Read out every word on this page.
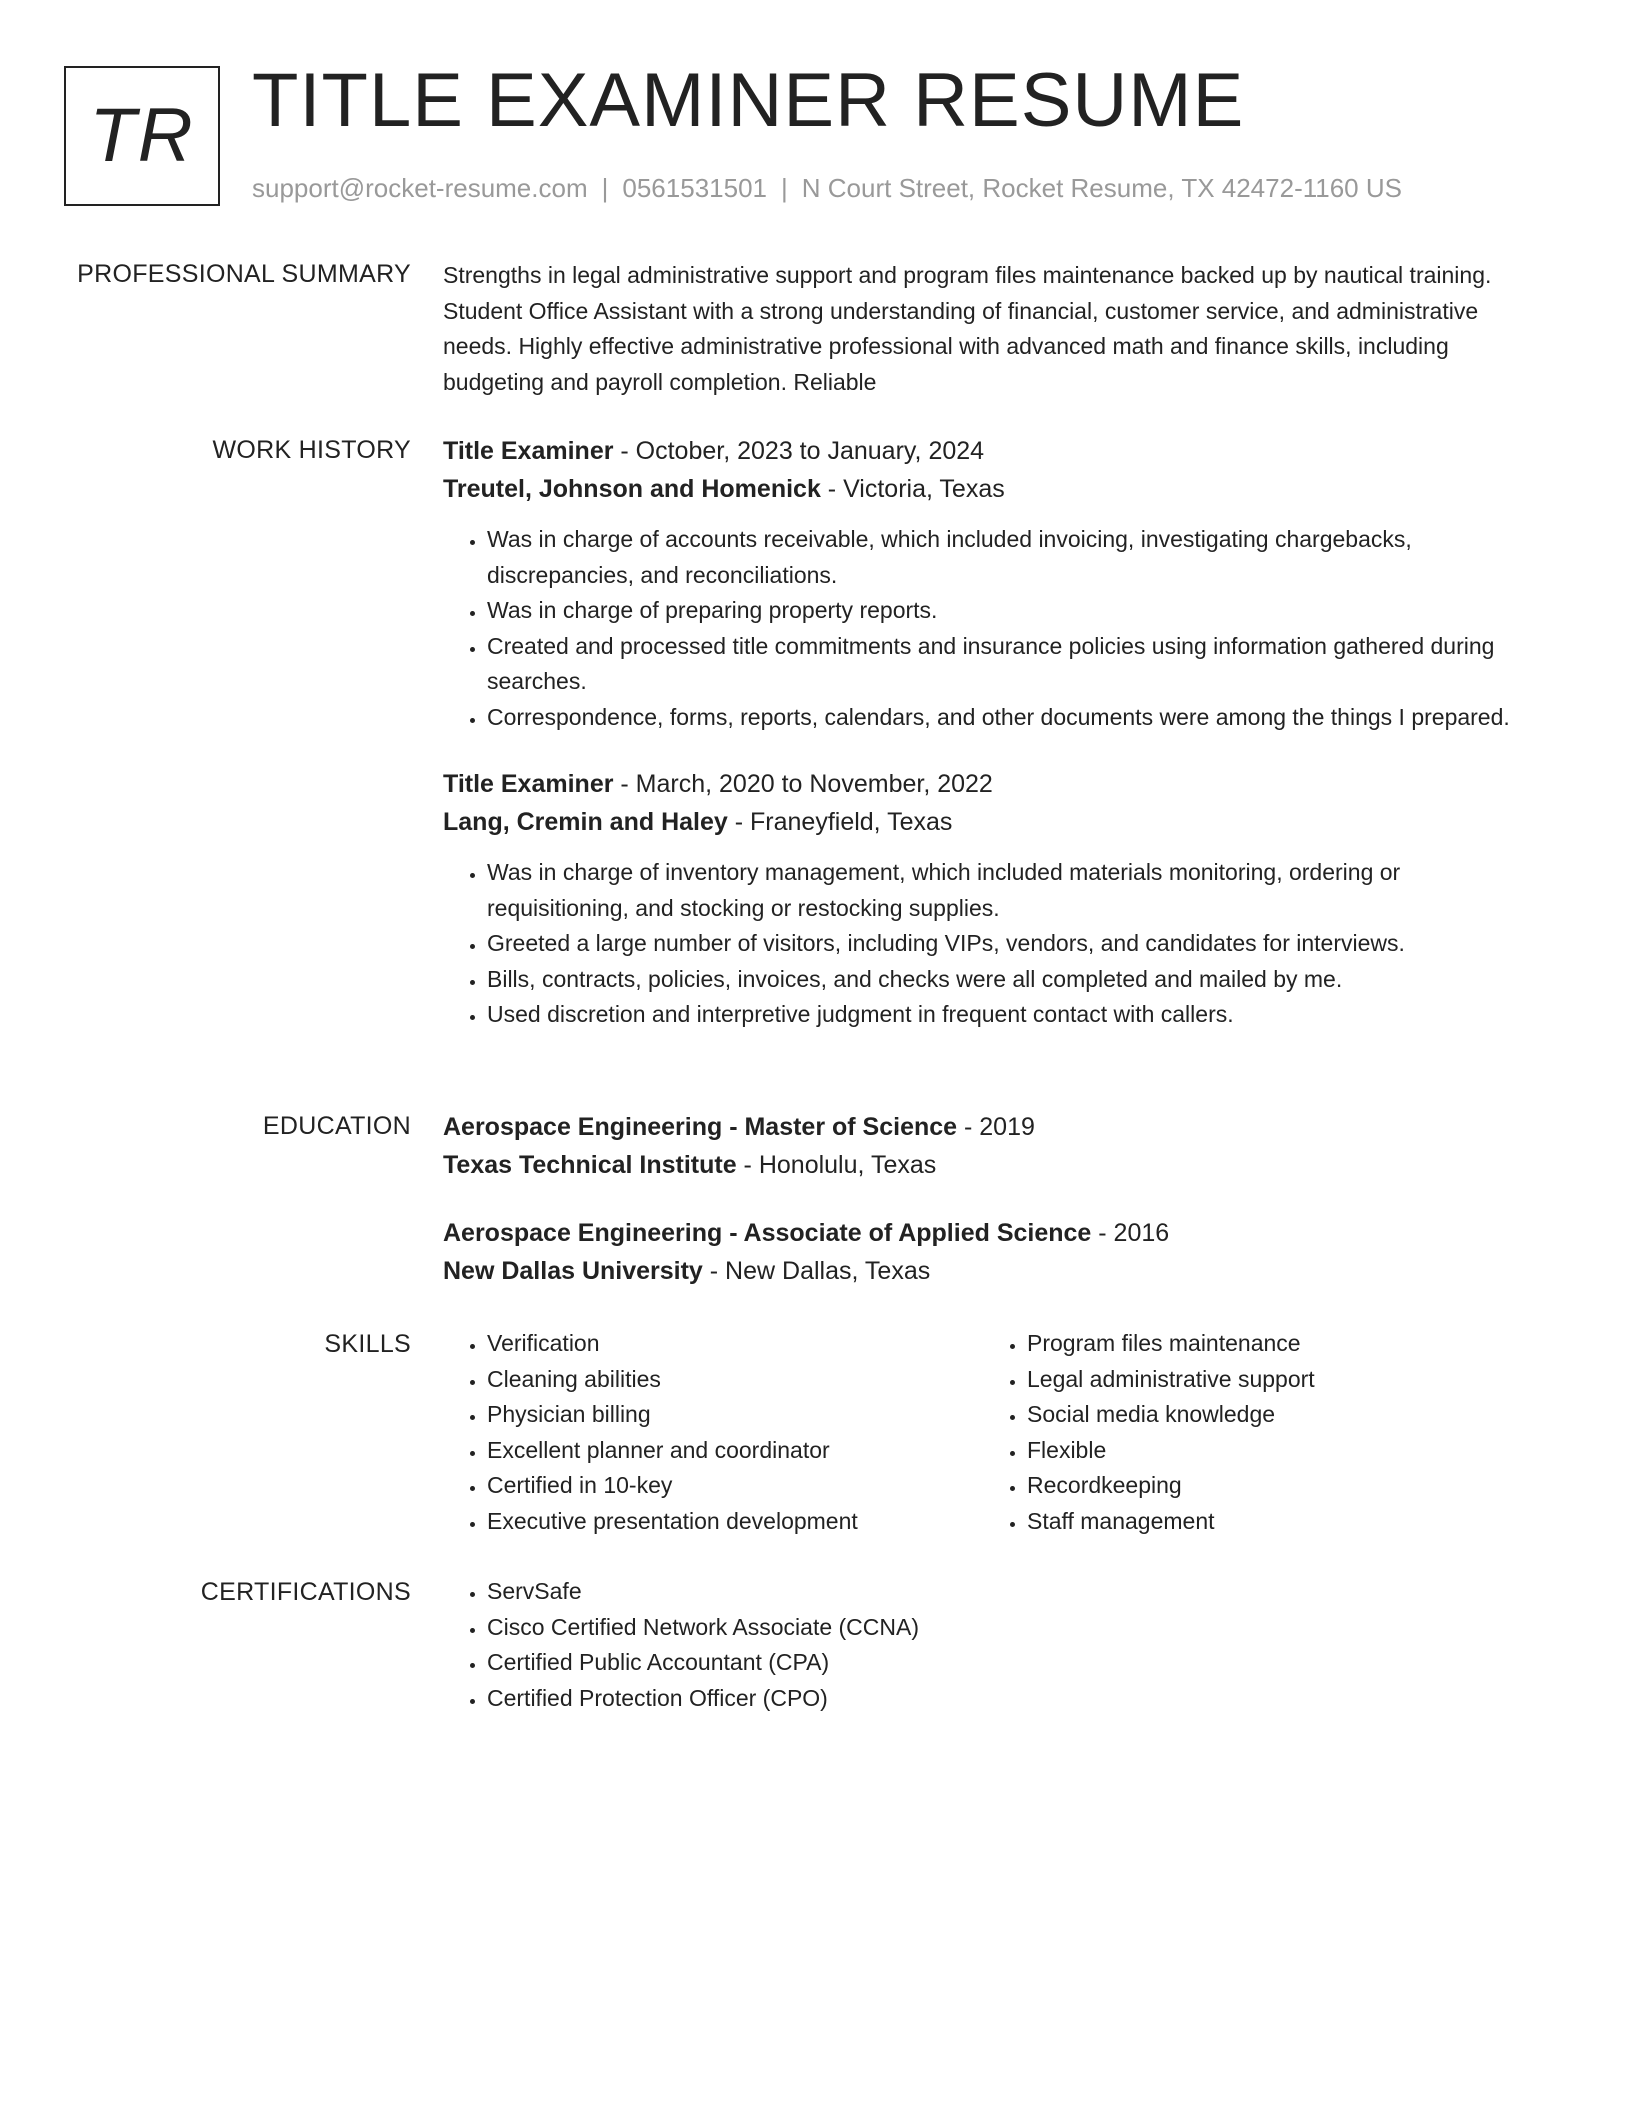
TR TITLE EXAMINER RESUME
support@rocket-resume.com | 0561531501 | N Court Street, Rocket Resume, TX 42472-1160 US
PROFESSIONAL SUMMARY Strengths in legal administrative support and program files maintenance backed up by nautical training. Student Office Assistant with a strong understanding of financial, customer service, and administrative needs. Highly effective administrative professional with advanced math and finance skills, including budgeting and payroll completion. Reliable

WORK HISTORY Title Examiner - October, 2023 to January, 2024
Treutel, Johnson and Homenick - Victoria, Texas
• Was in charge of accounts receivable, which included invoicing, investigating chargebacks, discrepancies, and reconciliations.
• Was in charge of preparing property reports.
• Created and processed title commitments and insurance policies using information gathered during searches.
• Correspondence, forms, reports, calendars, and other documents were among the things I prepared.
Title Examiner - March, 2020 to November, 2022
Lang, Cremin and Haley - Franeyfield, Texas
• Was in charge of inventory management, which included materials monitoring, ordering or requisitioning, and stocking or restocking supplies.
• Greeted a large number of visitors, including VIPs, vendors, and candidates for interviews.
• Bills, contracts, policies, invoices, and checks were all completed and mailed by me.
• Used discretion and interpretive judgment in frequent contact with callers.
EDUCATION Aerospace Engineering - Master of Science - 2019
Texas Technical Institute - Honolulu, Texas
Aerospace Engineering - Associate of Applied Science - 2016
New Dallas University - New Dallas, Texas
SKILLS	• Verification
• Cleaning abilities
• Physician billing
• Excellent planner and coordinator
• Certified in 10-key
• Executive presentation development
• Program files maintenance
• Legal administrative support
• Social media knowledge
• Flexible
• Recordkeeping
• Staff management
CERTIFICATIONS	• ServSafe
• Cisco Certified Network Associate (CCNA)
• Certified Public Accountant (CPA)
• Certified Protection Officer (CPO)
